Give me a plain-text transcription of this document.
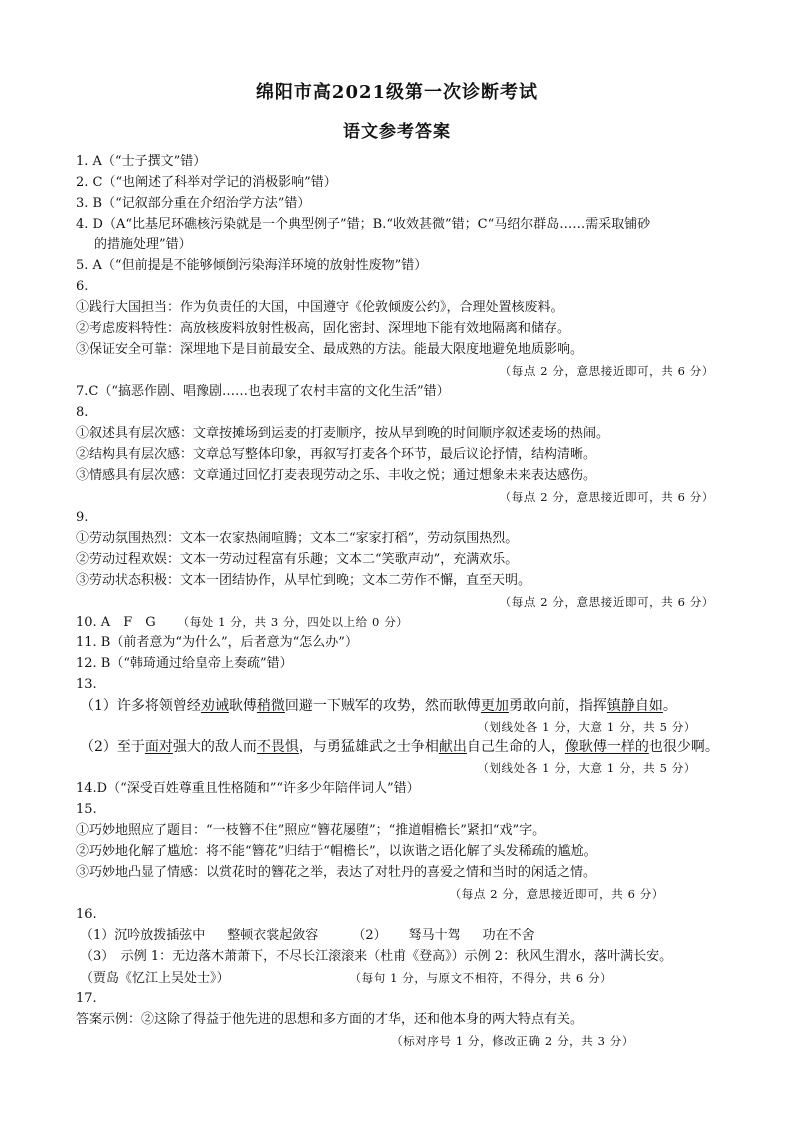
绵阳市高2021级第一次诊断考试
语文参考答案
1. A（“士子撰文”错）
2. C（“也阐述了科举对学记的消极影响”错）
3. B（“记叙部分重在介绍治学方法”错）
4. D（A“比基尼环礁核污染就是一个典型例子”错；B.“收效甚微”错；C“马绍尔群岛……需采取铺砂
的措施处理”错）
5. A（“但前提是不能够倾倒污染海洋环境的放射性废物”错）
6.
①践行大国担当：作为负责任的大国，中国遵守《伦敦倾废公约》，合理处置核废料。
②考虑废料特性：高放核废料放射性极高，固化密封、深埋地下能有效地隔离和储存。
③保证安全可靠：深埋地下是目前最安全、最成熟的方法。能最大限度地避免地质影响。
（每点 2 分，意思接近即可，共 6 分）
7.C（“搞恶作剧、唱豫剧……也表现了农村丰富的文化生活”错）
8.
①叙述具有层次感：文章按摊场到运麦的打麦顺序，按从早到晚的时间顺序叙述麦场的热闹。
②结构具有层次感：文章总写整体印象，再叙写打麦各个环节，最后议论抒情，结构清晰。
③情感具有层次感：文章通过回忆打麦表现劳动之乐、丰收之悦；通过想象未来表达感伤。
（每点 2 分，意思接近即可，共 6 分）
9.
①劳动氛围热烈：文本一农家热闹喧腾；文本二“家家打稻”，劳动氛围热烈。
②劳动过程欢娱：文本一劳动过程富有乐趣；文本二“笑歌声动”，充满欢乐。
③劳动状态积极：文本一团结协作，从早忙到晚；文本二劳作不懈，直至天明。
（每点 2 分，意思接近即可，共 6 分）
10. A　F　G （每处 1 分，共 3 分，四处以上给 0 分）
11. B（前者意为“为什么”，后者意为“怎么办”）
12. B（“韩琦通过给皇帝上奏疏”错）
13.
（1）许多将领曾经劝诫耿傅稍微回避一下贼军的攻势，然而耿傅更加勇敢向前，指挥镇静自如。
（划线处各 1 分，大意 1 分，共 5 分）
（2）至于面对强大的敌人而不畏惧，与勇猛雄武之士争相献出自己生命的人，像耿傅一样的也很少啊。
（划线处各 1 分，大意 1 分，共 5 分）
14.D（“深受百姓尊重且性格随和”“许多少年陪伴词人”错）
15.
①巧妙地照应了题目：“一枝簪不住”照应“簪花屡堕”；“推道帽檐长”紧扣“戏”字。
②巧妙地化解了尴尬：将不能“簪花”归结于“帽檐长”，以诙谐之语化解了头发稀疏的尴尬。
③巧妙地凸显了情感：以赏花时的簪花之举，表达了对牡丹的喜爱之情和当时的闲适之情。
（每点 2 分，意思接近即可，共 6 分）
16.
（1）沉吟放拨插弦中 整顿衣裳起敛容	（2） 驽马十驾 功在不舍
（3）　示例 1：无边落木萧萧下，不尽长江滚滚来（杜甫《登高》）示例 2：秋风生渭水，落叶满长安。
（贾岛《忆江上吴处士》）	（每句 1 分，与原文不相符，不得分，共 6 分）
17.
答案示例：②这除了得益于他先进的思想和多方面的才华，还和他本身的两大特点有关。
（标对序号 1 分，修改正确 2 分，共 3 分）
